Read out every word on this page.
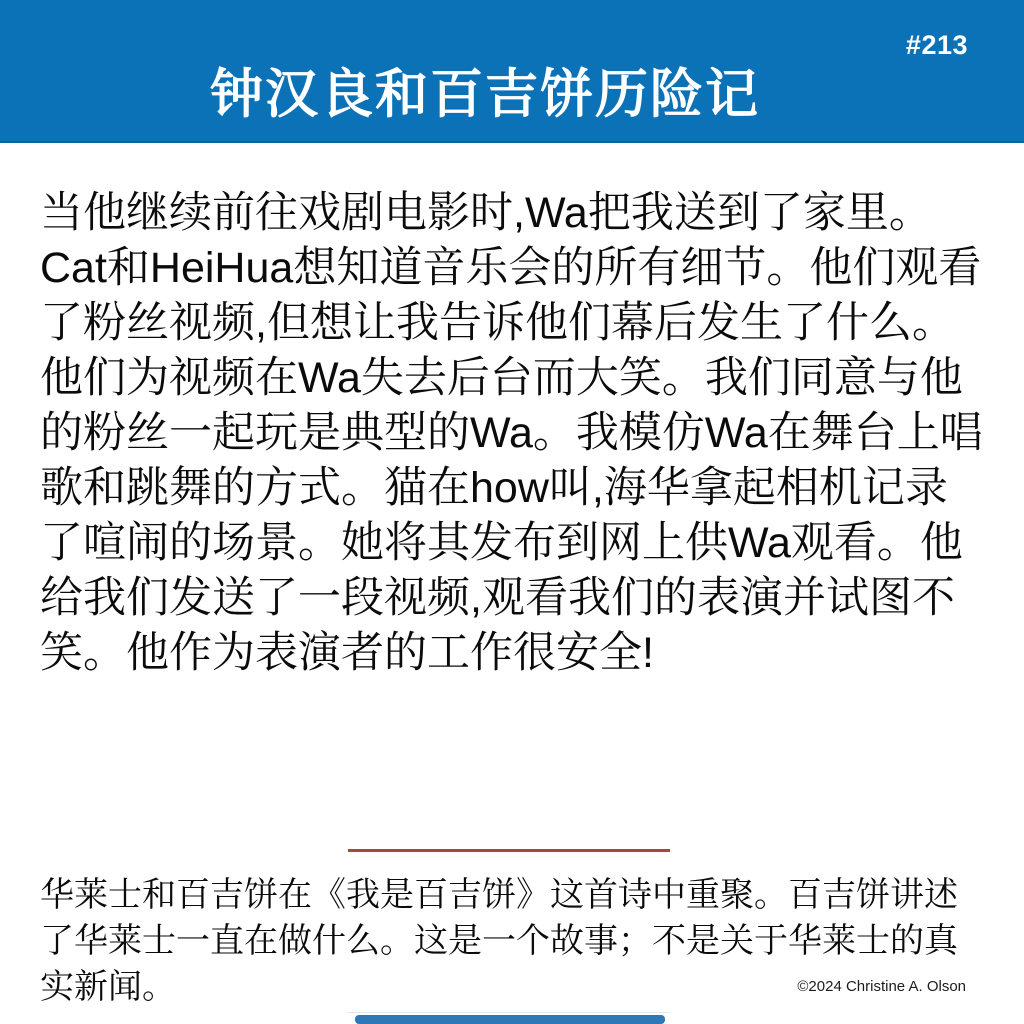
钟汉良和百吉饼历险记
#213
当他继续前往戏剧电影时,Wa把我送到了家里。Cat和HeiHua想知道音乐会的所有细节。他们观看了粉丝视频,但想让我告诉他们幕后发生了什么。他们为视频在Wa失去后台而大笑。我们同意与他的粉丝一起玩是典型的Wa。我模仿Wa在舞台上唱歌和跳舞的方式。猫在how叫,海华拿起相机记录了喧闹的场景。她将其发布到网上供Wa观看。他给我们发送了一段视频,观看我们的表演并试图不笑。他作为表演者的工作很安全!
华莱士和百吉饼在《我是百吉饼》这首诗中重聚。百吉饼讲述了华莱士一直在做什么。这是一个故事；不是关于华莱士的真实新闻。	©2024 Christine A. Olson
